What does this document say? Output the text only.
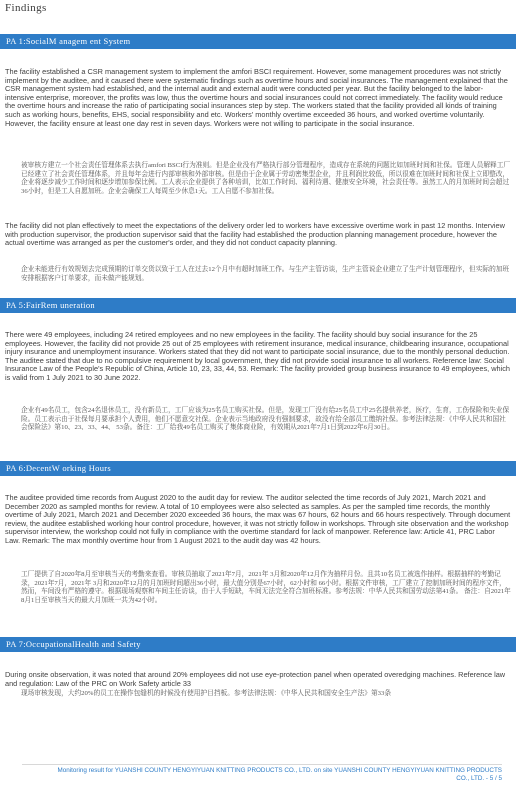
Findings
PA 1:SocialM anagem ent System
The facility established a CSR management system to implement the amfori BSCI requirement. However, some management procedures was not strictly implement by the auditee, and it caused there were systematic findings such as overtime hours and social insurances. The management explained that the CSR management system had established, and the internal audit and external audit were conducted per year. But the facility belonged to the labor-intensive enterprise, moreover, the profits was low, thus the overtime hours and social insurances could not correct immediately. The facility would reduce the overtime hours and increase the ratio of participating social insurances step by step. The workers stated that the facility provided all kinds of training such as working hours, benefits, EHS, social responsibility and etc. Workers' monthly overtime exceeded 36 hours, and worked overtime voluntarily. However, the facility ensure at least one day rest in seven days. Workers were not willing to participate in the social insurance.
被审核方建立一个社会责任管理体系去执行amfori BSCI行为准则。但是企业没有严格执行部分管理程序，造成存在系统的问题比如加班时间和社保。管理人员解释工厂已经建立了社会责任管理体系，并且每年会进行内部审核和外部审核。但是由于企业属于劳动密集型企业，并且利润比较低，所以很难在加班时间和社保上立即整改，企业将逐步减少工作时间和逐步增加参保比例。工人表示企业提供了各种培训，比如工作时间、福利待遇、健康安全环境，社会责任等。虽然工人的月加班时间会超过36小时，但是工人自愿加班。企业会确保工人每周至少休息1天。工人自愿不参加社保。
The facility did not plan effectively to meet the expectations of the delivery order led to workers have excessive overtime work in past 12 months. Interview with production supervisor, the production supervisor said that the facility had established the production planning management procedure, however the actual overtime was arranged as per the customer's order, and they did not conduct capacity planning.
企业未能进行有效规划去完成预期的订单交货以致于工人在过去12个月中有超时加班工作。与生产主管访谈，生产主管说企业建立了生产计划管理程序，但实际的加班安排根据客户订单要求，而未做产能规划。
PA 5:FairRem uneration
There were 49 employees, including 24 retired employees and no new employees in the facility. The facility should buy social insurance for the 25 employees. However, the facility did not provide 25 out of 25 employees with retirement insurance, medical insurance, childbearing insurance, occupational injury insurance and unemployment insurance. Workers stated that they did not want to participate social insurance, due to the monthly personal deduction. The auditee stated that due to no compulsive requirement by local government, they did not provide social insurance to all workers. Reference law: Social Insurance Law of the People's Republic of China, Article 10, 23, 33, 44, 53. Remark: The facility provided group business insurance to 49 employees, which is valid from 1 July 2021 to 30 June 2022.
企业有49名员工，包含24名退休员工，没有新员工，工厂应该为25名员工购买社保。但是，发现工厂没有给25名员工中25名提供养老，医疗，生育，工伤保险和失业保险。员工表示由于社保每月要承担个人费用，他们不愿意交社保。企业表示当地政府没有强制要求，故没有给全部员工缴纳社保。参考法律法规：《中华人民共和国社会保险法》第10、23、33、44、 53条。备注：工厂给我49名员工购买了集体商业险，有效期从2021年7月1日到2022年6月30日。
PA 6:DecentW orking Hours
The auditee provided time records from August 2020 to the audit day for review. The auditor selected the time records of July 2021, March 2021 and December 2020 as sampled months for review. A total of 10 employees were also selected as samples. As per the sampled time records, the monthly overtime of July 2021, March 2021 and December 2020 exceeded 36 hours, the max was 67 hours, 62 hours and 66 hours respectively. Through document review, the auditee established working hour control procedure, however, it was not strictly follow in workshops. Through site observation and the workshop supervisor interview, the workshop could not fully in compliance with the overtime standard for lack of manpower. Reference law: Article 41, PRC Labor Law. Remark: The max monthly overtime hour from 1 August 2021 to the audit day was 42 hours.
工厂提供了自2020年8月至审核当天的考勤来查看。审核员抽取了2021年7月，2021年 3月和2020年12月作为抽样月份。且共10名员工被选作抽样。根据抽样的考勤记录，2021年7月，2021年 3月和2020年12月的月加班时间超出36小时，最大值分别是67小时，62小时和 66小时。根据文件审核，工厂建立了控制加班时间的程序文件，然而，车间没有严格的遵守。根据现场观察和车间主任访谈，由于人手短缺，车间无法完全符合加班标准。参考法规：中华人民共和国劳动法第41条。 备注：自2021年8月1日至审核当天的最大月加班一共为42小时。
PA 7:OccupationalHealth and Safety
During onsite observation, it was noted that around 20% employees did not use eye-protection panel when operated overedging machines. Reference law and regulation: Law of the PRC on Work Safety article 33
现场审核发现，大约20%的员工在操作包缝机的时候没有使用护目挡板。参考法律法规：《中华人民共和国安全生产法》第33条
Monitoring result for YUANSHI COUNTY HENGYIYUAN KNITTING PRODUCTS CO., LTD. on site YUANSHI COUNTY HENGYIYUAN KNITTING PRODUCTS
CO., LTD. - 5 / 5
